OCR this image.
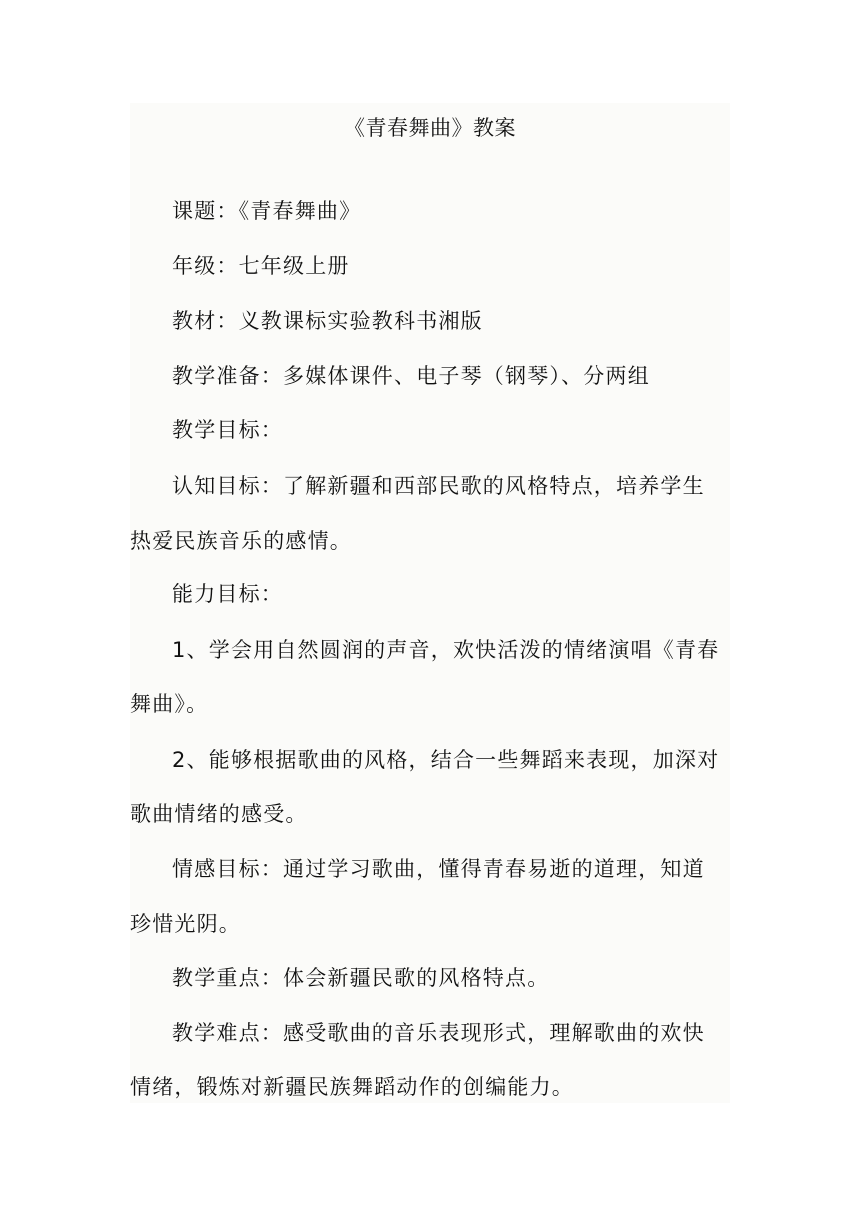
《青春舞曲》教案
课题：《青春舞曲》
年级：七年级上册
教材：义教课标实验教科书湘版
教学准备：多媒体课件、电子琴（钢琴）、分两组
教学目标：
认知目标：了解新疆和西部民歌的风格特点，培养学生
热爱民族音乐的感情。
能力目标：
1、学会用自然圆润的声音，欢快活泼的情绪演唱《青春
舞曲》。
2、能够根据歌曲的风格，结合一些舞蹈来表现，加深对
歌曲情绪的感受。
情感目标：通过学习歌曲，懂得青春易逝的道理，知道
珍惜光阴。
教学重点：体会新疆民歌的风格特点。
教学难点：感受歌曲的音乐表现形式，理解歌曲的欢快
情绪，锻炼对新疆民族舞蹈动作的创编能力。
